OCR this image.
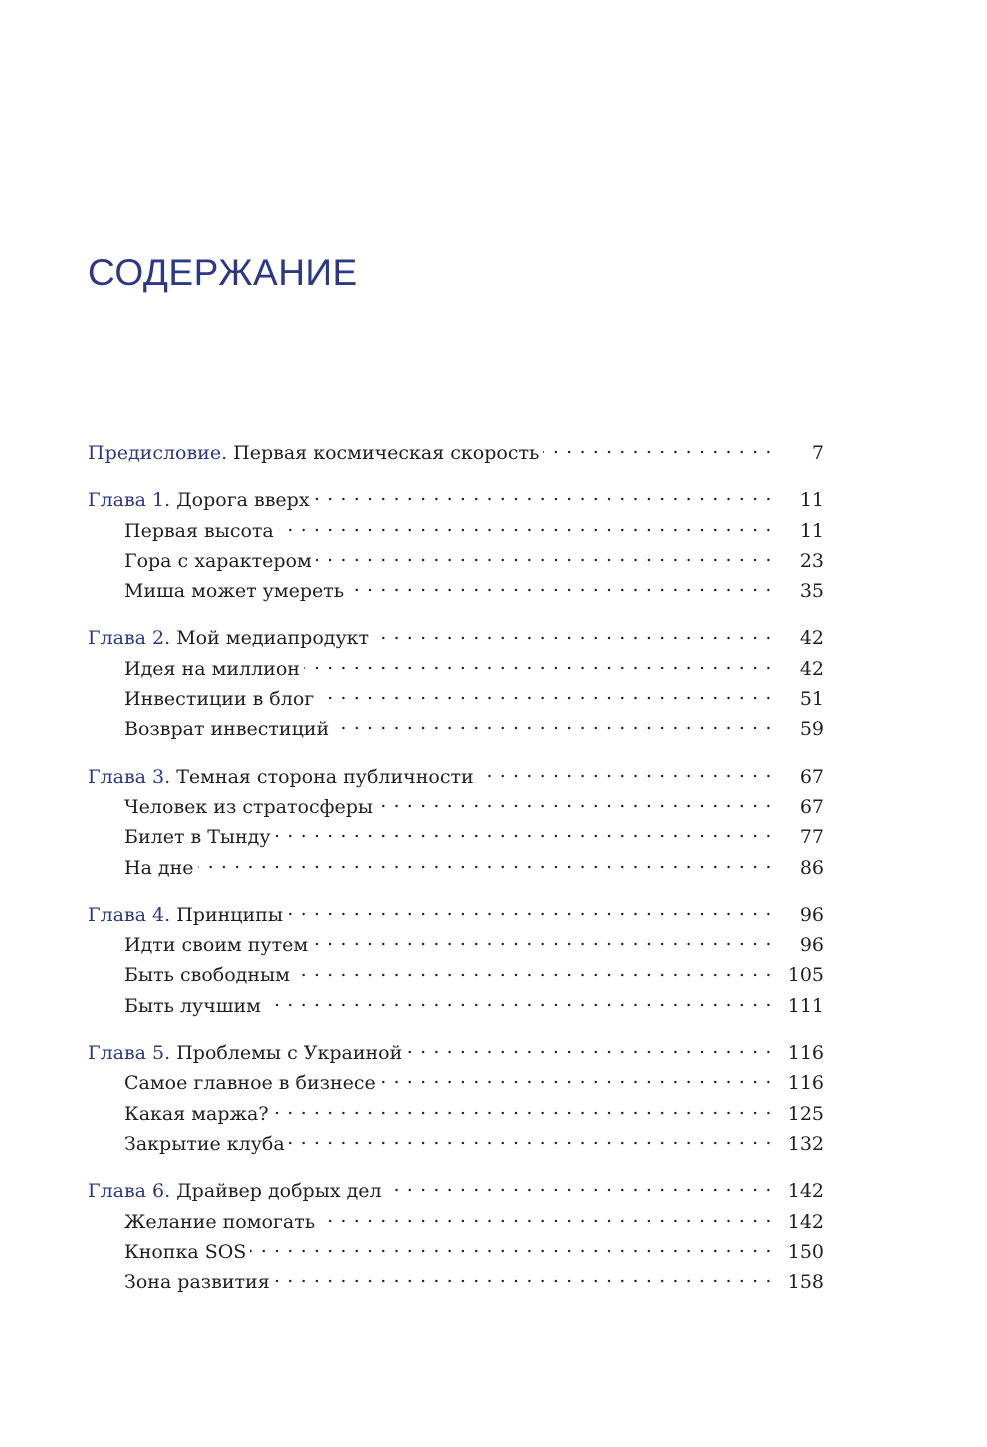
СОДЕРЖАНИЕ
Предисловие. Первая космическая скорость . . .	7
Глава 1. Дорога вверх . . .	11
Первая высота . . .	11
Гора с характером . . .	23
Миша может умереть . . .	35
Глава 2. Мой медиапродукт . . .	42
Идея на миллион . . .	42
Инвестиции в блог . . .	51
Возврат инвестиций . . .	59
Глава 3. Темная сторона публичности . . .	67
Человек из стратосферы . . .	67
Билет в Тынду . . .	77
На дне . . .	86
Глава 4. Принципы . . .	96
Идти своим путем . . .	96
Быть свободным . . .	105
Быть лучшим . . .	111
Глава 5. Проблемы с Украиной . . .	116
Самое главное в бизнесе . . .	116
Какая маржа? . . .	125
Закрытие клуба . . .	132
Глава 6. Драйвер добрых дел . . .	142
Желание помогать . . .	142
Кнопка SOS . . .	150
Зона развития . . .	158
